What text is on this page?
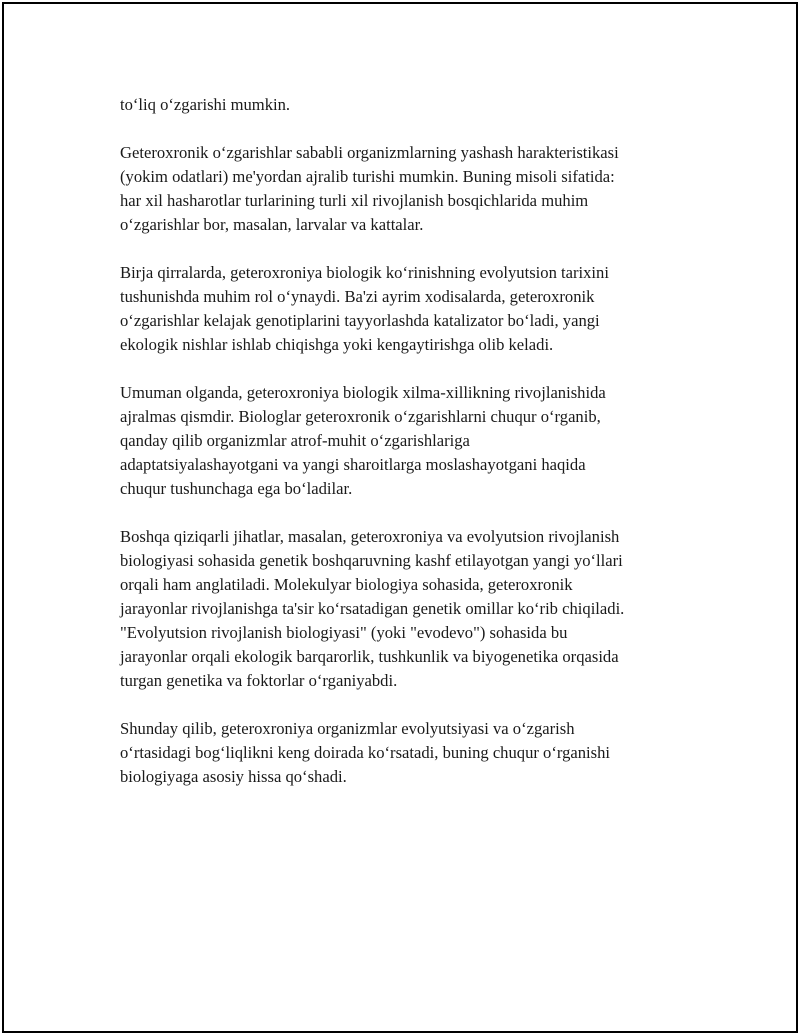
to‘liq o‘zgarishi mumkin.

Geteroxronik o‘zgarishlar sababli organizmlarning yashash harakteristikasi
(yokim odatlari) me'yordan ajralib turishi mumkin. Buning misoli sifatida:
har xil hasharotlar turlarining turli xil rivojlanish bosqichlarida muhim
o‘zgarishlar bor, masalan, larvalar va kattalar.

Birja qirralarda, geteroxroniya biologik ko‘rinishning evolyutsion tarixini
tushunishda muhim rol o‘ynaydi. Ba'zi ayrim xodisalarda, geteroxronik
o‘zgarishlar kelajak genotiplarini tayyorlashda katalizator bo‘ladi, yangi
ekologik nishlar ishlab chiqishga yoki kengaytirishga olib keladi.

Umuman olganda, geteroxroniya biologik xilma-xillikning rivojlanishida
ajralmas qismdir. Biologlar geteroxronik o‘zgarishlarni chuqur o‘rganib,
qanday qilib organizmlar atrof-muhit o‘zgarishlariga
adaptatsiyalashayotgani va yangi sharoitlarga moslashayotgani haqida
chuqur tushunchaga ega bo‘ladilar.

Boshqa qiziqarli jihatlar, masalan, geteroxroniya va evolyutsion rivojlanish
biologiyasi sohasida genetik boshqaruvning kashf etilayotgan yangi yo‘llari
orqali ham anglatiladi. Molekulyar biologiya sohasida, geteroxronik
jarayonlar rivojlanishga ta'sir ko‘rsatadigan genetik omillar ko‘rib chiqiladi.
"Evolyutsion rivojlanish biologiyasi" (yoki "evodevo") sohasida bu
jarayonlar orqali ekologik barqarorlik, tushkunlik va biyogenetika orqasida
turgan genetika va foktorlar o‘rganiyabdi.

Shunday qilib, geteroxroniya organizmlar evolyutsiyasi va o‘zgarish
o‘rtasidagi bog‘liqlikni keng doirada ko‘rsatadi, buning chuqur o‘rganishi
biologiyaga asosiy hissa qo‘shadi.
